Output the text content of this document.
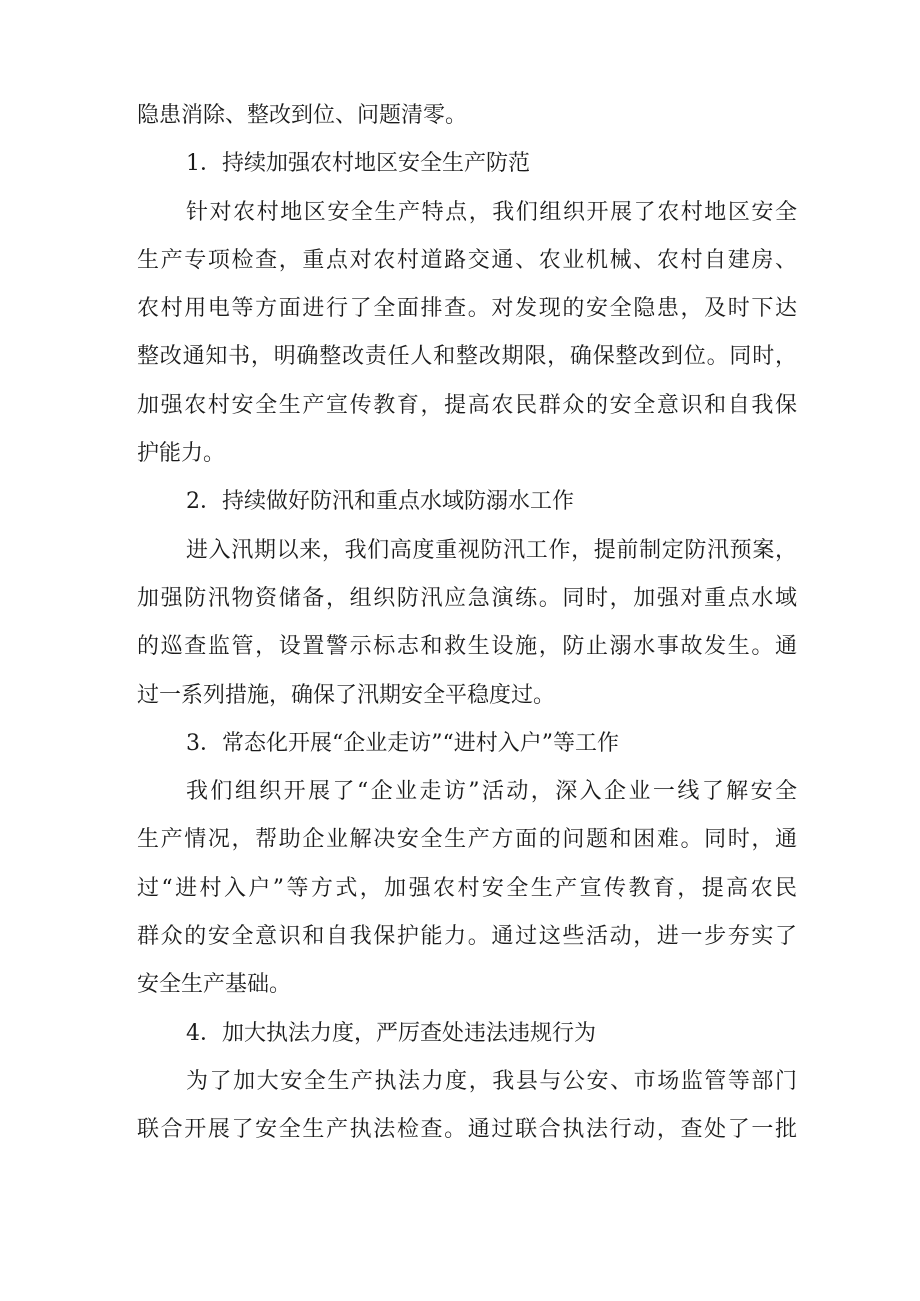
隐患消除、整改到位、问题清零。
1．持续加强农村地区安全生产防范
针对农村地区安全生产特点，我们组织开展了农村地区安全
生产专项检查，重点对农村道路交通、农业机械、农村自建房、
农村用电等方面进行了全面排查。对发现的安全隐患，及时下达
整改通知书，明确整改责任人和整改期限，确保整改到位。同时，
加强农村安全生产宣传教育，提高农民群众的安全意识和自我保
护能力。
2．持续做好防汛和重点水域防溺水工作
进入汛期以来，我们高度重视防汛工作，提前制定防汛预案，
加强防汛物资储备，组织防汛应急演练。同时，加强对重点水域
的巡查监管，设置警示标志和救生设施，防止溺水事故发生。通
过一系列措施，确保了汛期安全平稳度过。
3．常态化开展“企业走访”“进村入户”等工作
我们组织开展了“企业走访”活动，深入企业一线了解安全
生产情况，帮助企业解决安全生产方面的问题和困难。同时，通
过“进村入户”等方式，加强农村安全生产宣传教育，提高农民
群众的安全意识和自我保护能力。通过这些活动，进一步夯实了
安全生产基础。
4．加大执法力度，严厉查处违法违规行为
为了加大安全生产执法力度，我县与公安、市场监管等部门
联合开展了安全生产执法检查。通过联合执法行动，查处了一批
